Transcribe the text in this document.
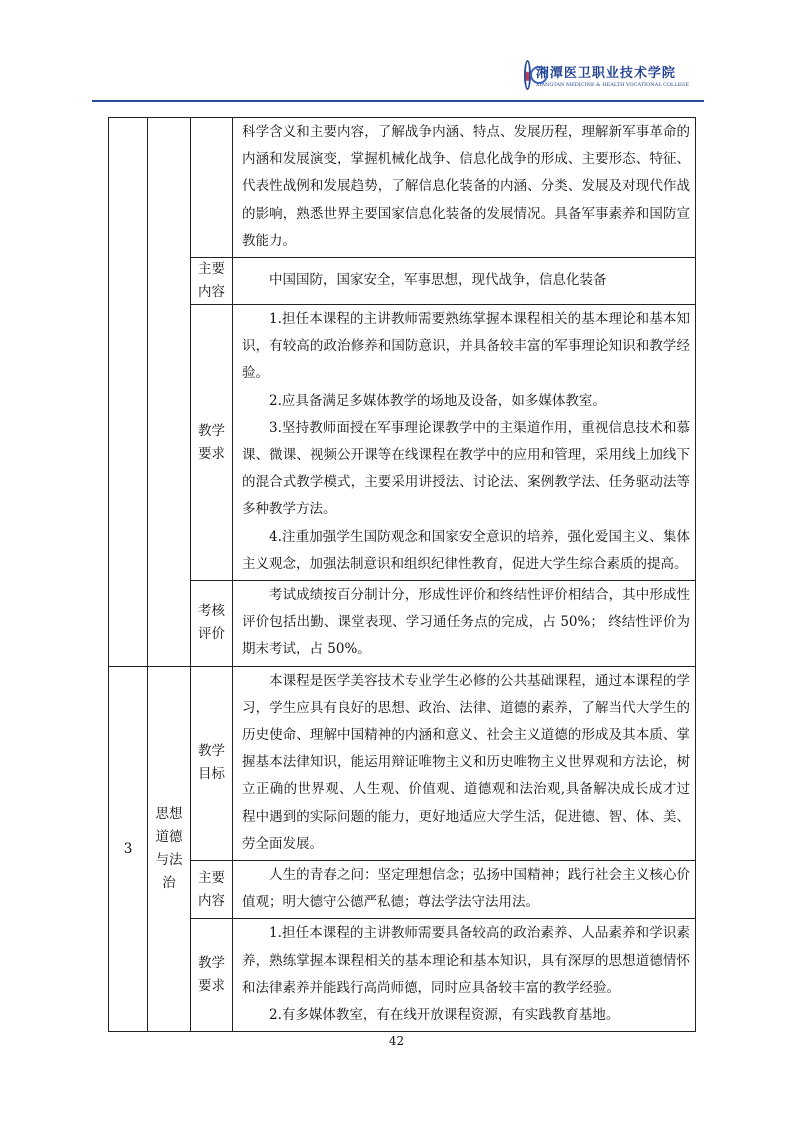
湘潭医卫职业技术学院
XIANGTAN MEDICINE & HEALTH VOCATIONAL COLLEGE

			科学含义和主要内容，了解战争内涵、特点、发展历程，理解新军事革命的内涵和发展演变，掌握机械化战争、信息化战争的形成、主要形态、特征、代表性战例和发展趋势，了解信息化装备的内涵、分类、发展及对现代作战的影响，熟悉世界主要国家信息化装备的发展情况。具备军事素养和国防宣教能力。

		主要内容	中国国防，国家安全，军事思想，现代战争，信息化装备

		教学要求	1.担任本课程的主讲教师需要熟练掌握本课程相关的基本理论和基本知识，有较高的政治修养和国防意识，并具备较丰富的军事理论知识和教学经验。

2.应具备满足多媒体教学的场地及设备，如多媒体教室。

3.坚持教师面授在军事理论课教学中的主渠道作用，重视信息技术和慕课、微课、视频公开课等在线课程在教学中的应用和管理，采用线上加线下的混合式教学模式，主要采用讲授法、讨论法、案例教学法、任务驱动法等多种教学方法。

4.注重加强学生国防观念和国家安全意识的培养，强化爱国主义、集体主义观念，加强法制意识和组织纪律性教育，促进大学生综合素质的提高。

		考核评价	考试成绩按百分制计分，形成性评价和终结性评价相结合，其中形成性评价包括出勤、课堂表现、学习通任务点的完成，占 50%； 终结性评价为期末考试，占 50%。

3	思想道德与法治	教学目标	本课程是医学美容技术专业学生必修的公共基础课程，通过本课程的学习，学生应具有良好的思想、政治、法律、道德的素养，了解当代大学生的历史使命、理解中国精神的内涵和意义、社会主义道德的形成及其本质、掌握基本法律知识，能运用辩证唯物主义和历史唯物主义世界观和方法论，树立正确的世界观、人生观、价值观、道德观和法治观,具备解决成长成才过程中遇到的实际问题的能力，更好地适应大学生活，促进德、智、体、美、劳全面发展。

		主要内容	人生的青春之问：坚定理想信念；弘扬中国精神；践行社会主义核心价值观；明大德守公德严私德；尊法学法守法用法。

		教学要求	1.担任本课程的主讲教师需要具备较高的政治素养、人品素养和学识素养，熟练掌握本课程相关的基本理论和基本知识，具有深厚的思想道德情怀和法律素养并能践行高尚师德，同时应具备较丰富的教学经验。

2.有多媒体教室，有在线开放课程资源，有实践教育基地。

42
